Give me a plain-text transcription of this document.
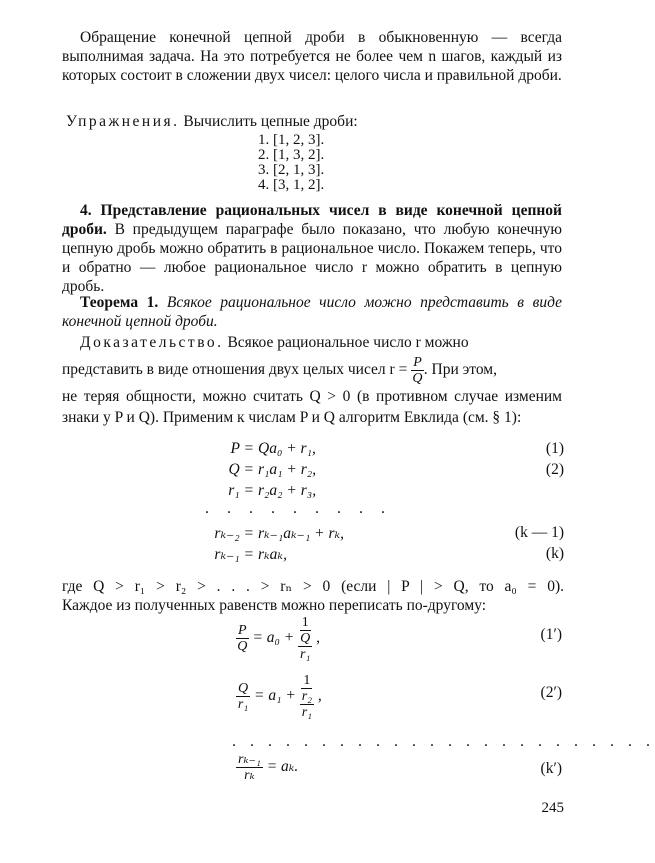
Обращение конечной цепной дроби в обыкновенную — всегда выполнимая задача. На это потребуется не более чем n шагов, каждый из которых состоит в сложении двух чисел: целого числа и правильной дроби.

Упражнения. Вычислить цепные дроби:
1. [1, 2, 3].
2. [1, 3, 2].
3. [2, 1, 3].
4. [3, 1, 2].

4. Представление рациональных чисел в виде конечной цепной дроби. В предыдущем параграфе было показано, что любую конечную цепную дробь можно обратить в рациональное число. Покажем теперь, что и обратно — любое рациональное число r можно обратить в цепную дробь.

Теорема 1. Всякое рациональное число можно представить в виде конечной цепной дроби.

Доказательство. Всякое рациональное число r можно

представить в виде отношения двух целых чисел $r = \frac{P}{Q}$ . При этом,

не теряя общности, можно считать Q > 0 (в противном случае изменим знаки у P и Q). Применим к числам P и Q алгоритм Евклида (см. § 1):

P = Qa₀ + r₁,	(1)
Q = r₁a₁ + r₂,	(2)
r₁ = r₂a₂ + r₃,
. . . . . . . . .
rₖ₋₂ = rₖ₋₁aₖ₋₁ + rₖ,	(k — 1)
rₖ₋₁ = rₖaₖ,	(k)

где Q > r₁ > r₂ > . . . > rₙ > 0 (если | P | > Q, то a₀ = 0).

Каждое из полученных равенств можно переписать по-другому:

$\frac{P}{Q} = a_0 + \frac{1}{\frac{Q}{\text{r₁}}}$ ,	(1′)
$\frac{Q}{\text{r₁}} = a_1 + \frac{1}{\frac{\text{r₂}}{\text{r₁}}}$ ,	(2′)
. . . . . . . . . . . . . . . . . . . . . . . .
$\frac{\text{rₖ₋₁}}{\text{rₖ}} = a_k$.	(k′)
245
